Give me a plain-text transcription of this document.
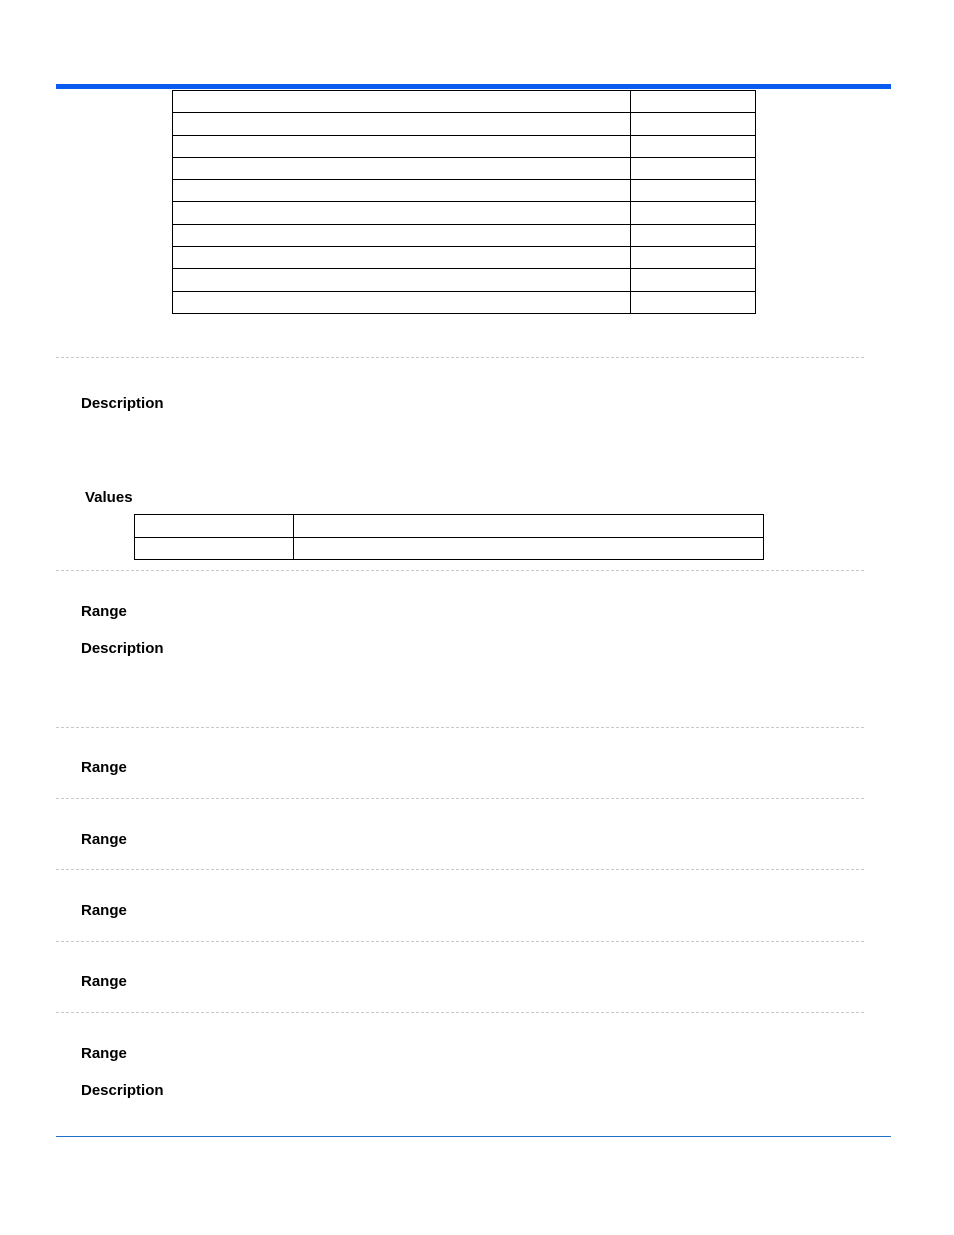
Description
Values

Range
Description
Range
Range
Range
Range
Range
Description
